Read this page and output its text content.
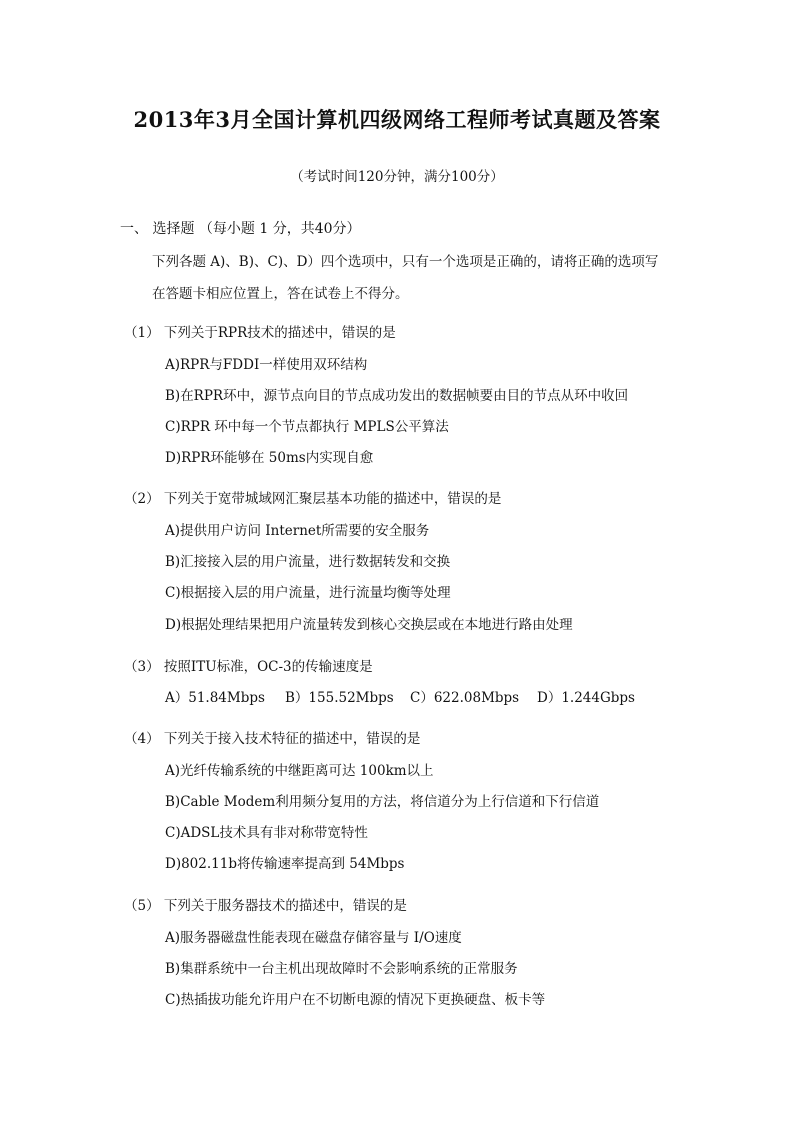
2013年3月全国计算机四级网络工程师考试真题及答案
（考试时间120分钟，满分100分）
一、 选择题 （每小题 1 分，共40分）
下列各题 A)、B)、C)、D）四个选项中，只有一个选项是正确的，请将正确的选项写
在答题卡相应位置上，答在试卷上不得分。
（1） 下列关于RPR技术的描述中，错误的是
A)RPR与FDDI一样使用双环结构
B)在RPR环中，源节点向目的节点成功发出的数据帧要由目的节点从环中收回
C)RPR 环中每一个节点都执行 MPLS公平算法
D)RPR环能够在 50ms内实现自愈
（2） 下列关于宽带城域网汇聚层基本功能的描述中，错误的是
A)提供用户访问 Internet所需要的安全服务
B)汇接接入层的用户流量，进行数据转发和交换
C)根据接入层的用户流量，进行流量均衡等处理
D)根据处理结果把用户流量转发到核心交换层或在本地进行路由处理
（3） 按照ITU标准，OC-3的传输速度是
A）51.84Mbps	B）155.52Mbps	C）622.08Mbps	D）1.244Gbps
（4） 下列关于接入技术特征的描述中，错误的是
A)光纤传输系统的中继距离可达 100km以上
B)Cable Modem利用频分复用的方法，将信道分为上行信道和下行信道
C)ADSL技术具有非对称带宽特性
D)802.11b将传输速率提高到 54Mbps
（5） 下列关于服务器技术的描述中，错误的是
A)服务器磁盘性能表现在磁盘存储容量与 I/O速度
B)集群系统中一台主机出现故障时不会影响系统的正常服务
C)热插拔功能允许用户在不切断电源的情况下更换硬盘、板卡等
